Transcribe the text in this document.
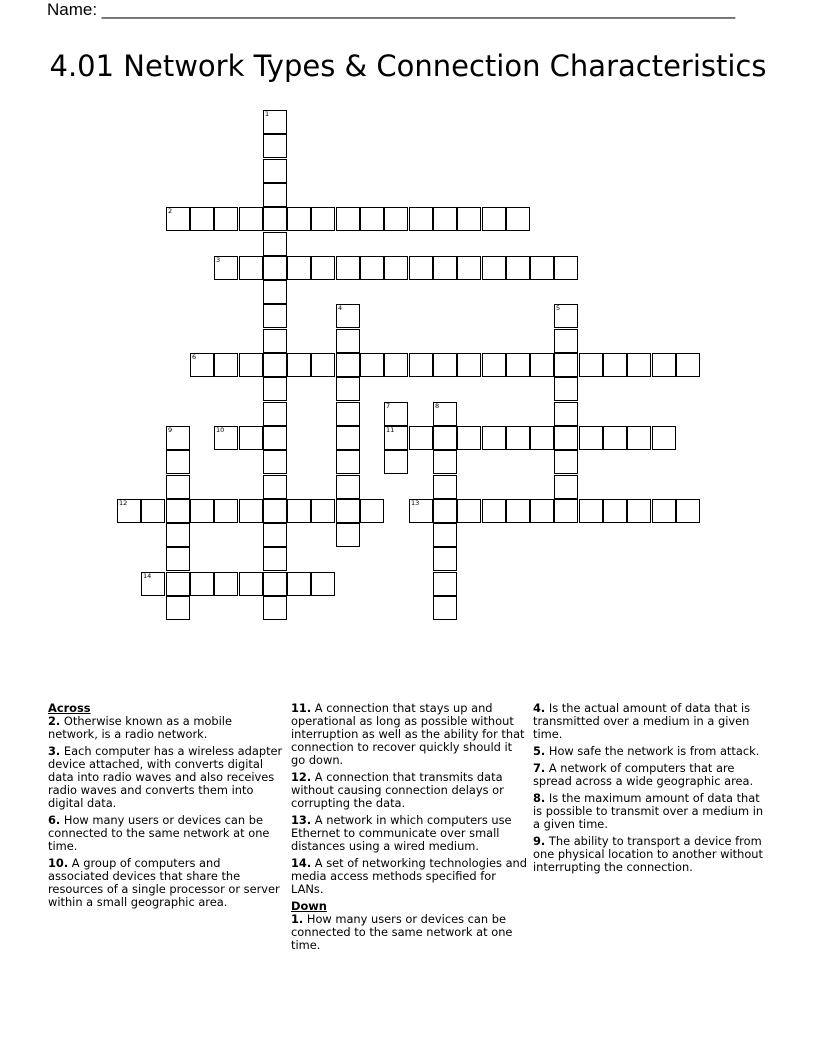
Name: ___________________________________________________________________
4.01 Network Types & Connection Characteristics
1
2
3
4	5
6
7
11
8
9	10
12	13
14
Across
2. Otherwise known as a mobile network, is a radio network.
3. Each computer has a wireless adapter device attached, with converts digital data into radio waves and also receives radio waves and converts them into digital data.
6. How many users or devices can be connected to the same network at one time.
10. A group of computers and associated devices that share the resources of a single processor or server within a small geographic area.
11. A connection that stays up and operational as long as possible without interruption as well as the ability for that connection to recover quickly should it go down.
12. A connection that transmits data without causing connection delays or corrupting the data.
13. A network in which computers use Ethernet to communicate over small distances using a wired medium.
14. A set of networking technologies and media access methods specified for LANs.
Down
1. How many users or devices can be connected to the same network at one time.
4. Is the actual amount of data that is transmitted over a medium in a given time.
5. How safe the network is from attack.
7. A network of computers that are spread across a wide geographic area.
8. Is the maximum amount of data that is possible to transmit over a medium in a given time.
9. The ability to transport a device from one physical location to another without interrupting the connection.
